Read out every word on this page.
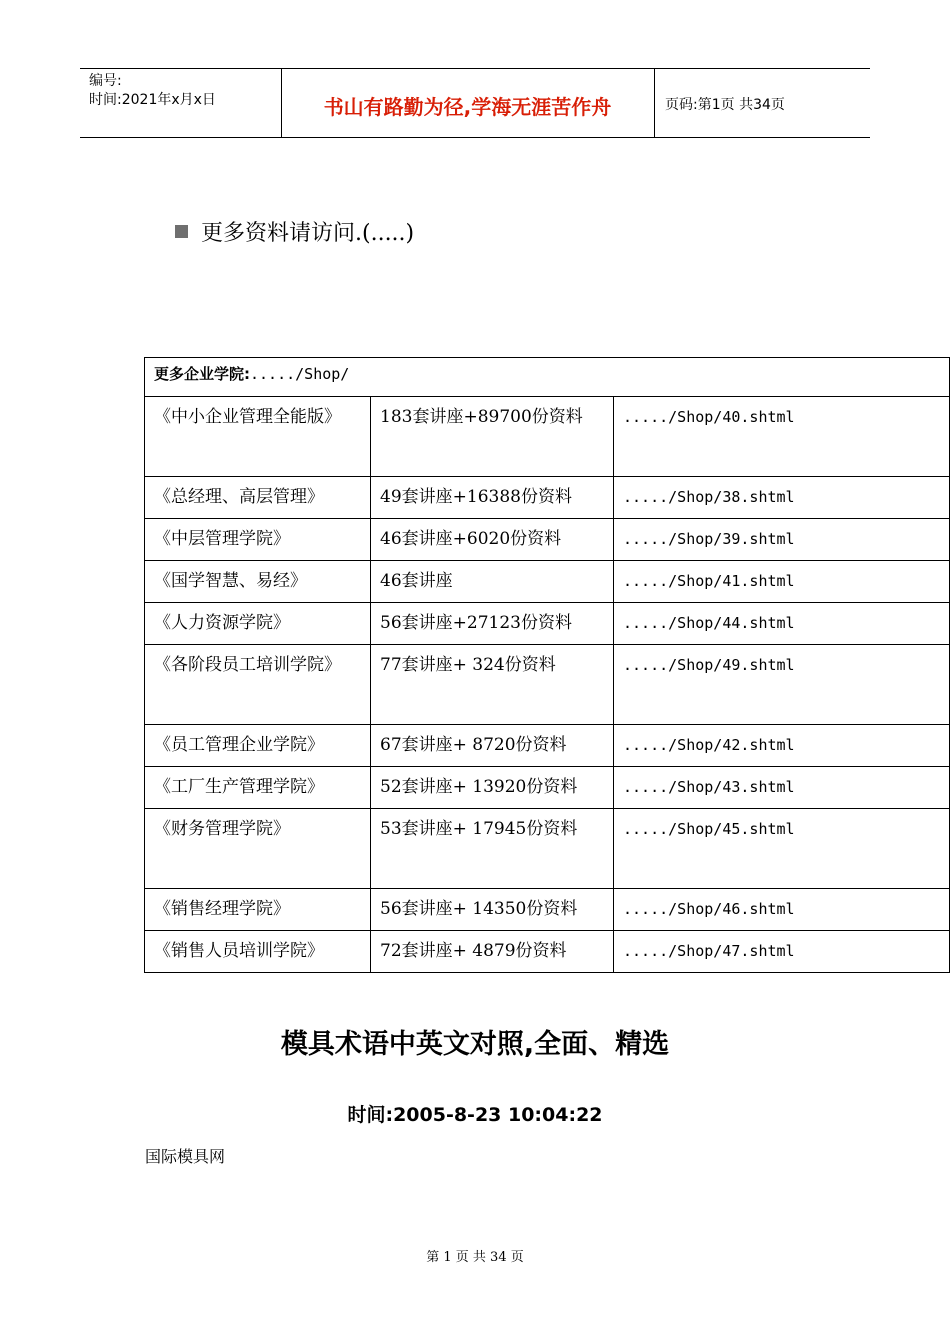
编号:
时间:2021年x月x日	书山有路勤为径,学海无涯苦作舟	页码:第1页 共34页
更多资料请访问.(.....)
更多企业学院:...../Shop/		
《中小企业管理全能版》	183套讲座+89700份资料	...../Shop/40.shtml
《总经理、高层管理》	49套讲座+16388份资料	...../Shop/38.shtml
《中层管理学院》	46套讲座+6020份资料	...../Shop/39.shtml
《国学智慧、易经》	46套讲座	...../Shop/41.shtml
《人力资源学院》	56套讲座+27123份资料	...../Shop/44.shtml
《各阶段员工培训学院》	77套讲座+ 324份资料	...../Shop/49.shtml
《员工管理企业学院》	67套讲座+ 8720份资料	...../Shop/42.shtml
《工厂生产管理学院》	52套讲座+ 13920份资料	...../Shop/43.shtml
《财务管理学院》	53套讲座+ 17945份资料	...../Shop/45.shtml
《销售经理学院》	56套讲座+ 14350份资料	...../Shop/46.shtml
《销售人员培训学院》	72套讲座+ 4879份资料	...../Shop/47.shtml
模具术语中英文对照,全面、精选
时间:2005-8-23 10:04:22
国际模具网
第 1 页 共 34 页
